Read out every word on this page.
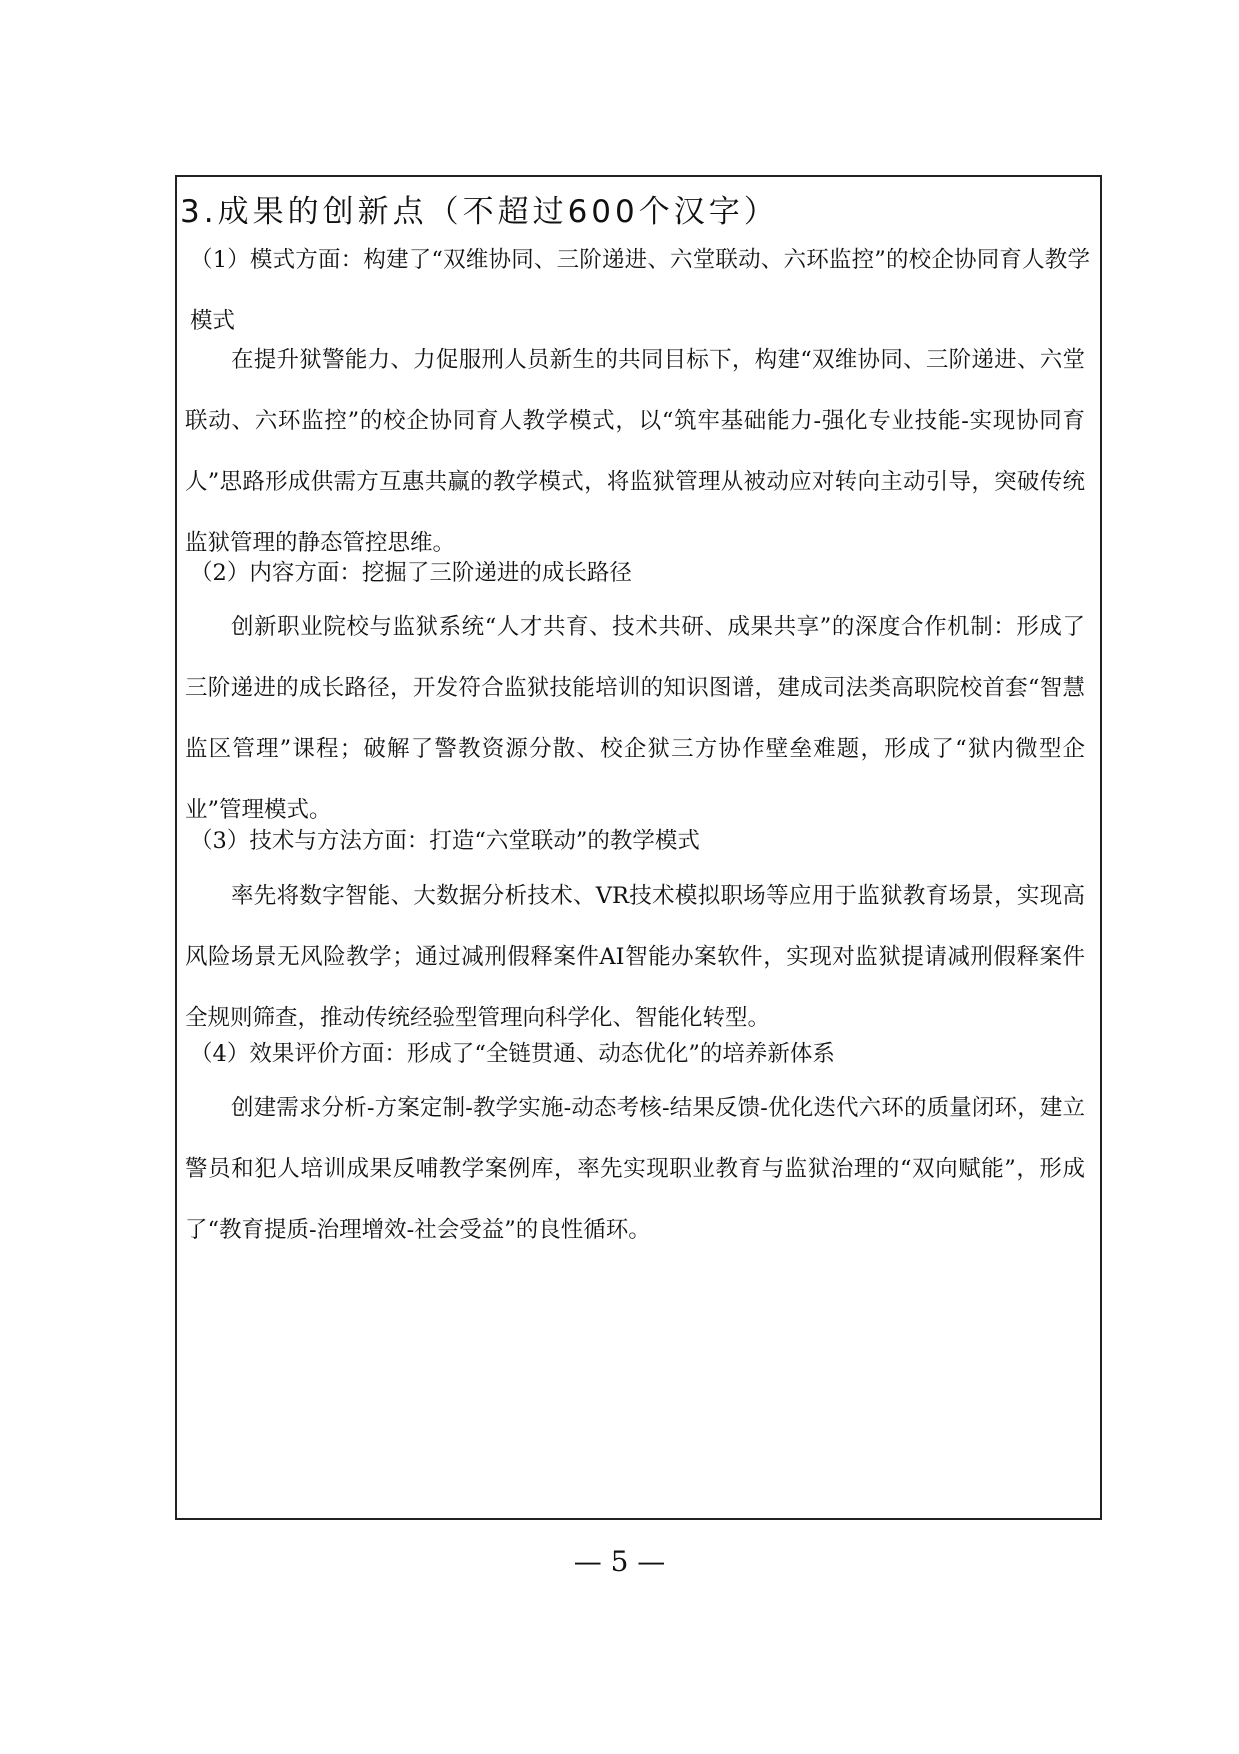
3.成果的创新点（不超过600个汉字）
（1）模式方面：构建了“双维协同、三阶递进、六堂联动、六环监控”的校企协同育人教学模式
在提升狱警能力、力促服刑人员新生的共同目标下，构建“双维协同、三阶递进、六堂联动、六环监控”的校企协同育人教学模式，以“筑牢基础能力-强化专业技能-实现协同育人”思路形成供需方互惠共赢的教学模式，将监狱管理从被动应对转向主动引导，突破传统监狱管理的静态管控思维。
（2）内容方面：挖掘了三阶递进的成长路径
创新职业院校与监狱系统“人才共育、技术共研、成果共享”的深度合作机制：形成了三阶递进的成长路径，开发符合监狱技能培训的知识图谱，建成司法类高职院校首套“智慧监区管理”课程；破解了警教资源分散、校企狱三方协作壁垒难题，形成了“狱内微型企业”管理模式。
（3）技术与方法方面：打造“六堂联动”的教学模式
率先将数字智能、大数据分析技术、VR技术模拟职场等应用于监狱教育场景，实现高风险场景无风险教学；通过减刑假释案件AI智能办案软件，实现对监狱提请减刑假释案件全规则筛查，推动传统经验型管理向科学化、智能化转型。
（4）效果评价方面：形成了“全链贯通、动态优化”的培养新体系
创建需求分析-方案定制-教学实施-动态考核-结果反馈-优化迭代六环的质量闭环，建立警员和犯人培训成果反哺教学案例库，率先实现职业教育与监狱治理的“双向赋能”，形成了“教育提质-治理增效-社会受益”的良性循环。
— 5 —
